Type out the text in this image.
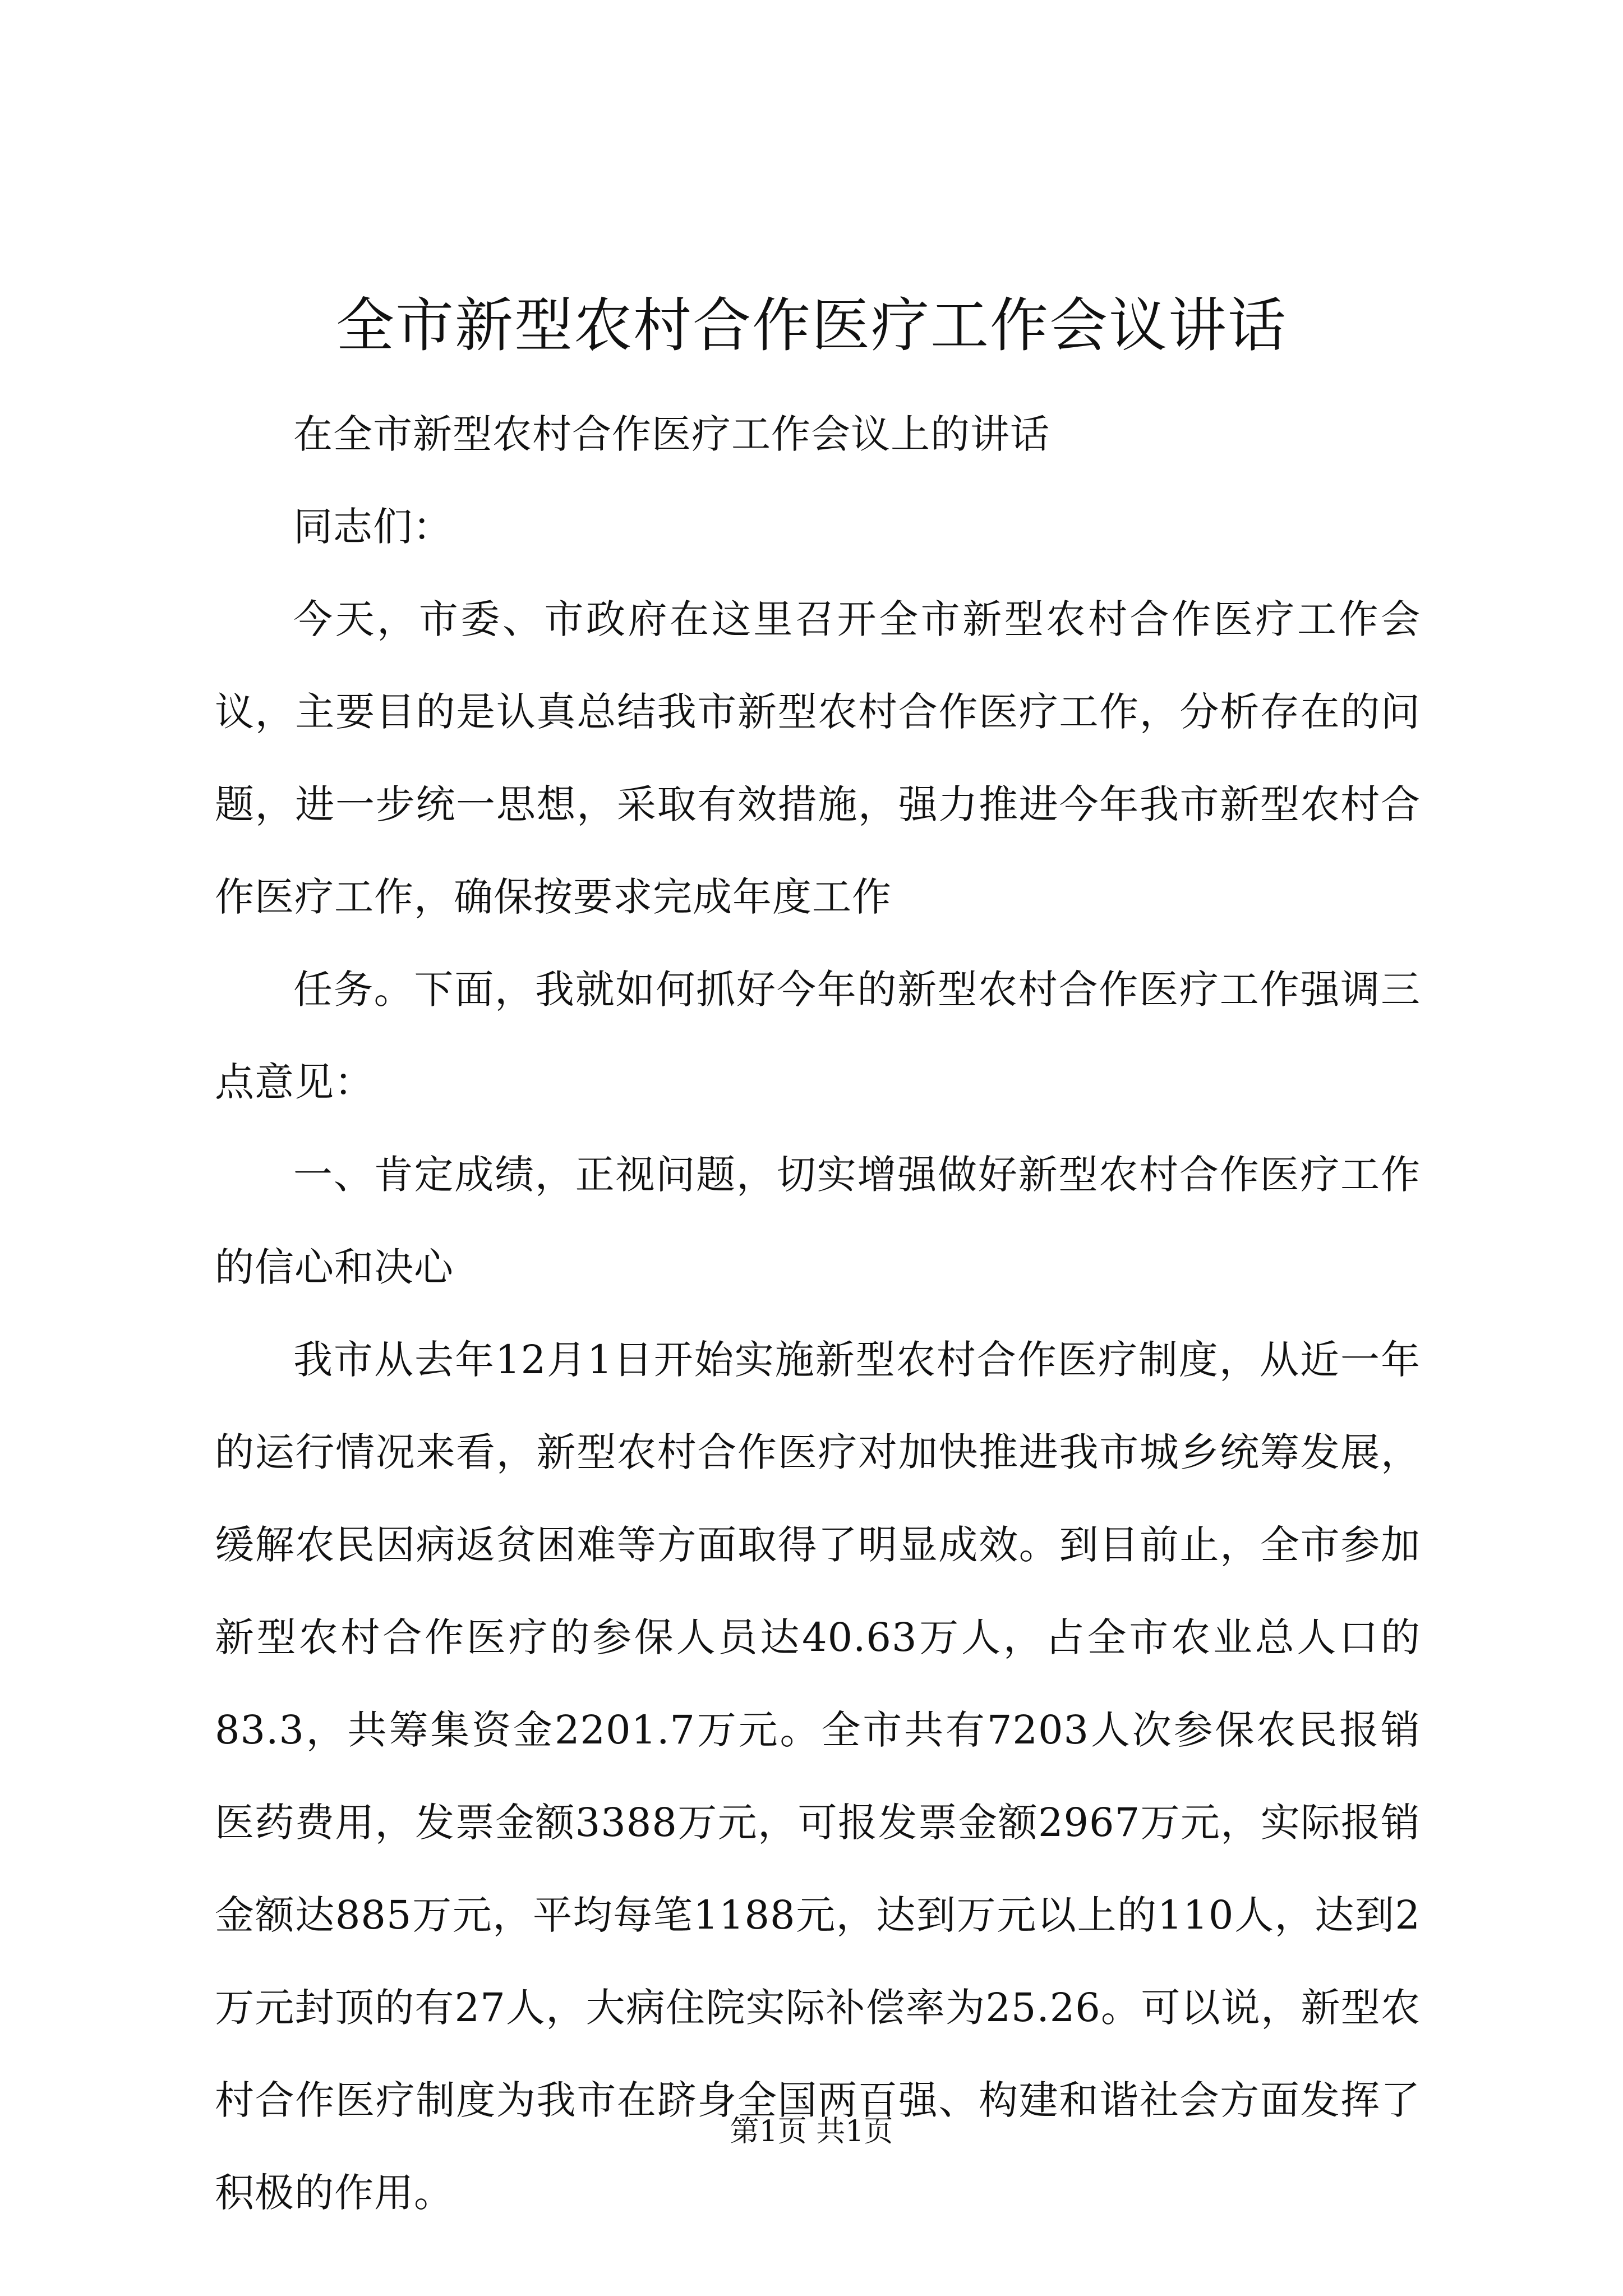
全市新型农村合作医疗工作会议讲话

在全市新型农村合作医疗工作会议上的讲话

同志们：

今天，市委、市政府在这里召开全市新型农村合作医疗工作会议，主要目的是认真总结我市新型农村合作医疗工作，分析存在的问题，进一步统一思想，采取有效措施，强力推进今年我市新型农村合作医疗工作，确保按要求完成年度工作

任务。下面，我就如何抓好今年的新型农村合作医疗工作强调三点意见：

一、肯定成绩，正视问题，切实增强做好新型农村合作医疗工作的信心和决心

我市从去年12月1日开始实施新型农村合作医疗制度，从近一年的运行情况来看，新型农村合作医疗对加快推进我市城乡统筹发展，缓解农民因病返贫困难等方面取得了明显成效。到目前止，全市参加新型农村合作医疗的参保人员达40.63万人，占全市农业总人口的83.3，共筹集资金2201.7万元。全市共有7203人次参保农民报销医药费用，发票金额3388万元，可报发票金额2967万元，实际报销金额达885万元，平均每笔1188元，达到万元以上的110人，达到2万元封顶的有27人，大病住院实际补偿率为25.26。可以说，新型农村合作医疗制度为我市在跻身全国两百强、构建和谐社会方面发挥了积极的作用。

第1页 共1页
